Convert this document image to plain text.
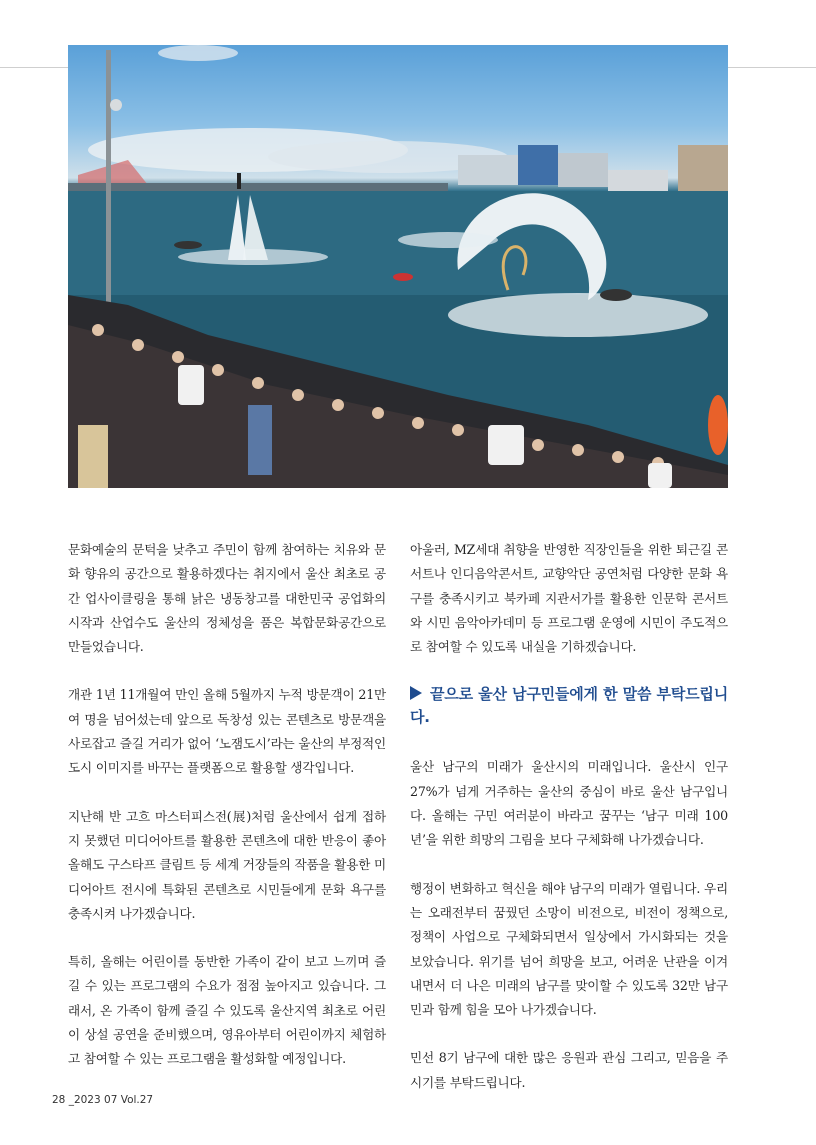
문화예술의 문턱을 낮추고 주민이 함께 참여하는 치유와 문화 향유의 공간으로 활용하겠다는 취지에서 울산 최초로 공간 업사이클링을 통해 낡은 냉동창고를 대한민국 공업화의 시작과 산업수도 울산의 정체성을 품은 복합문화공간으로 만들었습니다.

개관 1년 11개월여 만인 올해 5월까지 누적 방문객이 21만 여 명을 넘어섰는데 앞으로 독창성 있는 콘텐츠로 방문객을 사로잡고 즐길 거리가 없어 ‘노잼도시’라는 울산의 부정적인 도시 이미지를 바꾸는 플랫폼으로 활용할 생각입니다.

지난해 반 고흐 마스터피스전(展)처럼 울산에서 쉽게 접하지 못했던 미디어아트를 활용한 콘텐츠에 대한 반응이 좋아 올해도 구스타프 클림트 등 세계 거장들의 작품을 활용한 미디어아트 전시에 특화된 콘텐츠로 시민들에게 문화 욕구를 충족시켜 나가겠습니다.

특히, 올해는 어린이를 동반한 가족이 같이 보고 느끼며 즐길 수 있는 프로그램의 수요가 점점 높아지고 있습니다. 그래서, 온 가족이 함께 즐길 수 있도록 울산지역 최초로 어린이 상설 공연을 준비했으며, 영유아부터 어린이까지 체험하고 참여할 수 있는 프로그램을 활성화할 예정입니다.

아울러, MZ세대 취향을 반영한 직장인들을 위한 퇴근길 콘서트나 인디음악콘서트, 교향악단 공연처럼 다양한 문화 욕구를 충족시키고 북카페 지관서가를 활용한 인문학 콘서트와 시민 음악아카데미 등 프로그램 운영에 시민이 주도적으로 참여할 수 있도록 내실을 기하겠습니다.

끝으로 울산 남구민들에게 한 말씀 부탁드립니다.

울산 남구의 미래가 울산시의 미래입니다. 울산시 인구 27%가 넘게 거주하는 울산의 중심이 바로 울산 남구입니다. 올해는 구민 여러분이 바라고 꿈꾸는 ‘남구 미래 100년’을 위한 희망의 그림을 보다 구체화해 나가겠습니다.

행정이 변화하고 혁신을 해야 남구의 미래가 열립니다. 우리는 오래전부터 꿈꿨던 소망이 비전으로, 비전이 정책으로, 정책이 사업으로 구체화되면서 일상에서 가시화되는 것을 보았습니다. 위기를 넘어 희망을 보고, 어려운 난관을 이겨내면서 더 나은 미래의 남구를 맞이할 수 있도록 32만 남구민과 함께 힘을 모아 나가겠습니다.

민선 8기 남구에 대한 많은 응원과 관심 그리고, 믿음을 주시기를 부탁드립니다.

28 _2023 07 Vol.27
